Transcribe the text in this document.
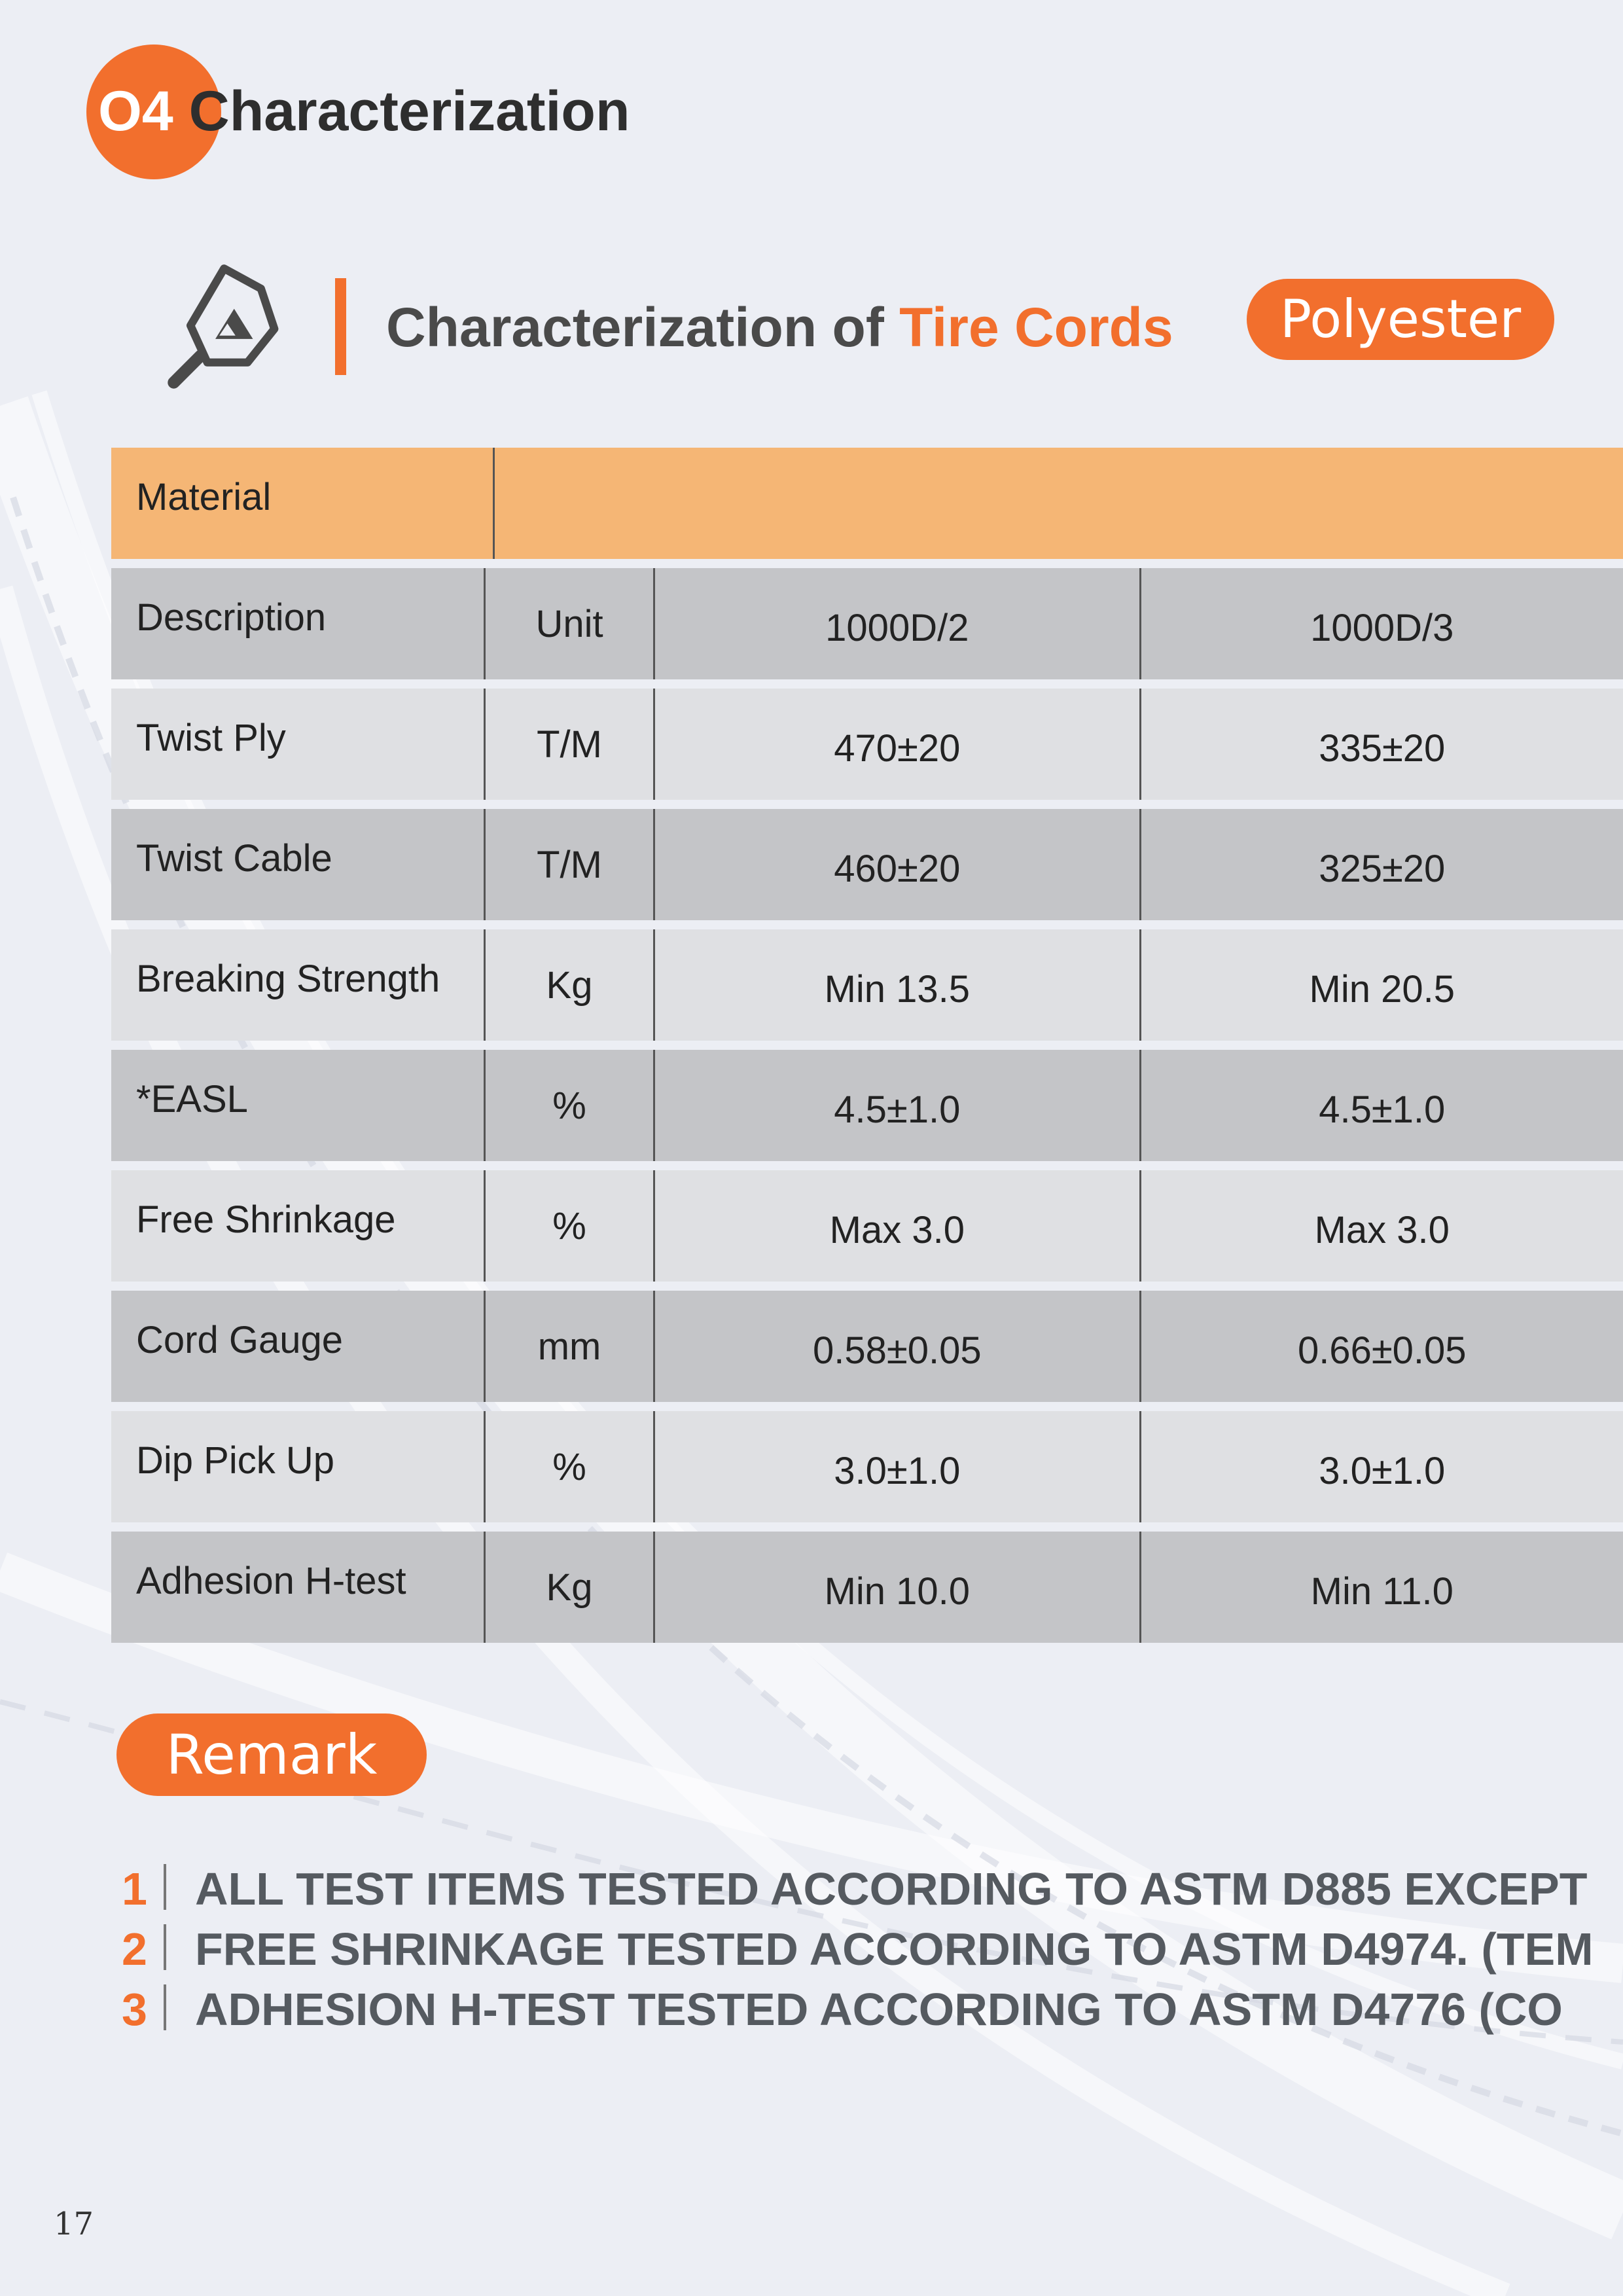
O4 Characterization
Characterization of Tire Cords	Polyester
Material
Description	Unit	1000D/2	1000D/3
Twist Ply	T/M	470±20	335±20
Twist Cable	T/M	460±20	325±20
Breaking Strength	Kg	Min 13.5	Min 20.5
*EASL	%	4.5±1.0	4.5±1.0
Free Shrinkage	%	Max 3.0	Max 3.0
Cord Gauge	mm	0.58±0.05	0.66±0.05
Dip Pick Up	%	3.0±1.0	3.0±1.0
Adhesion H-test	Kg	Min 10.0	Min 11.0
Remark
1 ALL TEST ITEMS TESTED ACCORDING TO ASTM D885 EXCEPT
2 FREE SHRINKAGE TESTED ACCORDING TO ASTM D4974. (TEM
3 ADHESION H-TEST TESTED ACCORDING TO ASTM D4776 (CO
17
